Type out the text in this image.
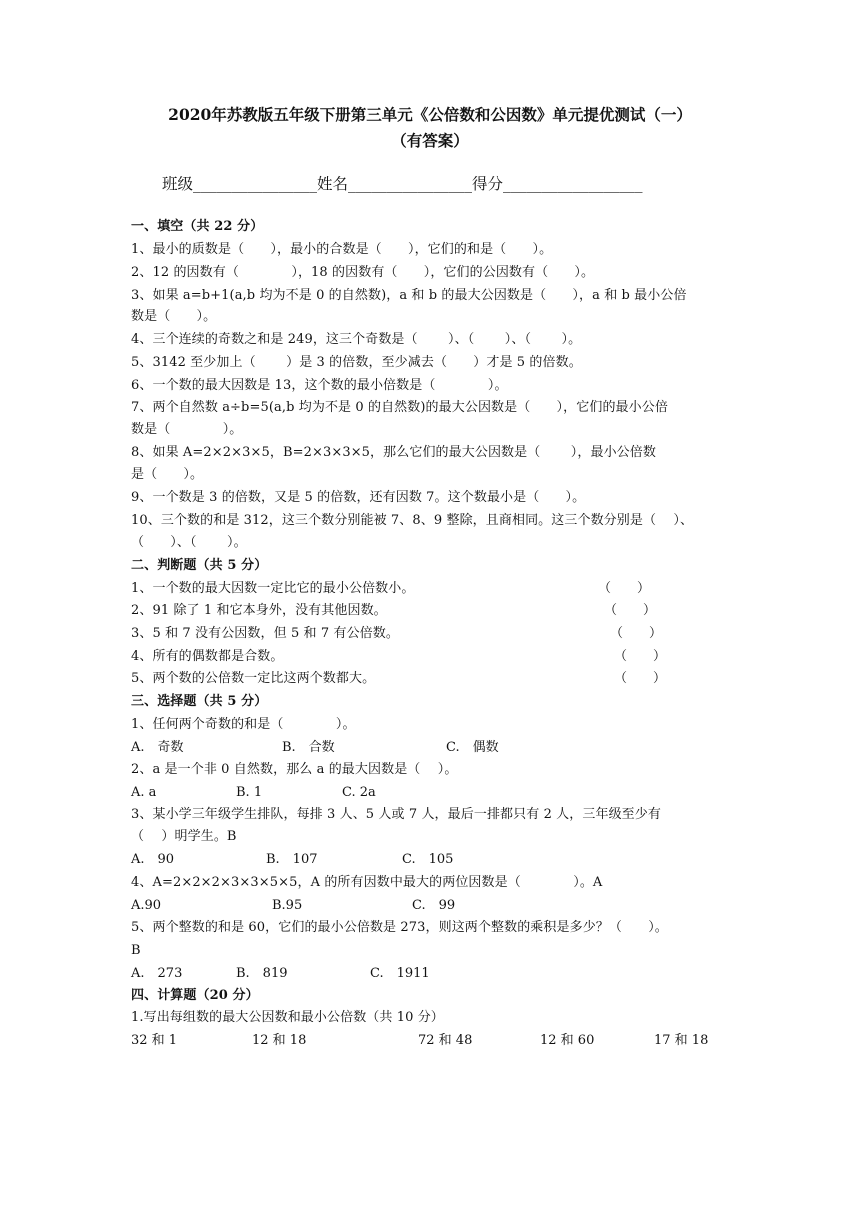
2020年苏教版五年级下册第三单元《公倍数和公因数》单元提优测试（一）
（有答案）
班级________________姓名________________得分__________________
一、填空（共 22 分）
1、最小的质数是（　　），最小的合数是（　　），它们的和是（　　）。
2、12 的因数有（　　　　），18 的因数有（　　），它们的公因数有（　　）。
3、如果 a=b+1(a,b 均为不是 0 的自然数)，a 和 b 的最大公因数是（　　），a 和 b 最小公倍
数是（　　）。
4、三个连续的奇数之和是 249，这三个奇数是（　　 ）、（　　 ）、（　　 ）。
5、3142 至少加上（　　 ）是 3 的倍数，至少减去（　　）才是 5 的倍数。
6、一个数的最大因数是 13，这个数的最小倍数是（　　　　）。
7、两个自然数 a÷b=5(a,b 均为不是 0 的自然数)的最大公因数是（　　），它们的最小公倍
数是（　　　　）。
8、如果 A=2×2×3×5，B=2×3×3×5，那么它们的最大公因数是（　　 ），最小公倍数
是（　　）。
9、一个数是 3 的倍数，又是 5 的倍数，还有因数 7。这个数最小是（　　）。
10、三个数的和是 312，这三个数分别能被 7、8、9 整除，且商相同。这三个数分别是（　 ）、
（　　）、（　　 ）。
二、判断题（共 5 分）
1、一个数的最大因数一定比它的最小公倍数小。	（　　）
2、91 除了 1 和它本身外，没有其他因数。	（　　）
3、5 和 7 没有公因数，但 5 和 7 有公倍数。	（　　）
4、所有的偶数都是合数。	（　　）
5、两个数的公倍数一定比这两个数都大。	（　　）
三、选择题（共 5 分）
1、任何两个奇数的和是（　　　　）。
A.　奇数	B.　合数	C.　偶数
2、a 是一个非 0 自然数，那么 a 的最大因数是（　 ）。
A. a	B. 1	C. 2a
3、某小学三年级学生排队，每排 3 人、5 人或 7 人，最后一排都只有 2 人，三年级至少有
（　 ）明学生。B
A.　90	B.　107	C.　105
4、A=2×2×2×3×3×5×5，A 的所有因数中最大的两位因数是（　　　　）。A
A.90	B.95	C.　99
5、两个整数的和是 60，它们的最小公倍数是 273，则这两个整数的乘积是多少？（　　）。
B
A.　273	B.　819	C.　1911
四、计算题（20 分）
1.写出每组数的最大公因数和最小公倍数（共 10 分）
32 和 1	12 和 18	72 和 48	12 和 60	17 和 18
